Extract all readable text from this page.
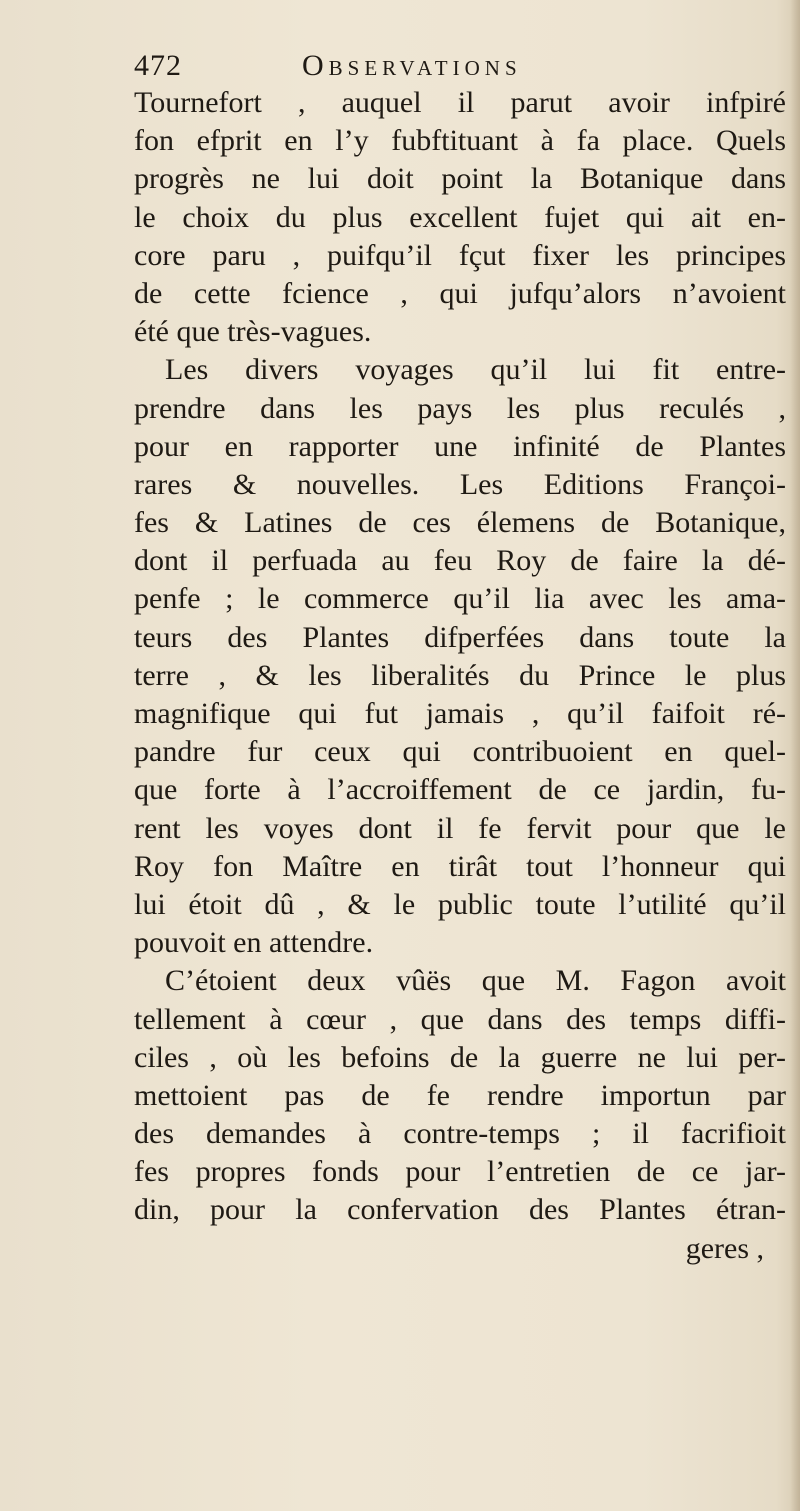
472	Observations
Tournefort , auquel il parut avoir infpiré
fon efprit en l’y fubftituant à fa place. Quels
progrès ne lui doit point la Botanique dans
le choix du plus excellent fujet qui ait en-
core paru , puifqu’il fçut fixer les principes
de cette fcience , qui jufqu’alors n’avoient
été que très-vagues.
Les divers voyages qu’il lui fit entre-
prendre dans les pays les plus reculés ,
pour en rapporter une infinité de Plantes
rares & nouvelles. Les Editions Françoi-
fes & Latines de ces élemens de Botanique,
dont il perfuada au feu Roy de faire la dé-
penfe ; le commerce qu’il lia avec les ama-
teurs des Plantes difperfées dans toute la
terre , & les liberalités du Prince le plus
magnifique qui fut jamais , qu’il faifoit ré-
pandre fur ceux qui contribuoient en quel-
que forte à l’accroiffement de ce jardin, fu-
rent les voyes dont il fe fervit pour que le
Roy fon Maître en tirât tout l’honneur qui
lui étoit dû , & le public toute l’utilité qu’il
pouvoit en attendre.
C’étoient deux vûës que M. Fagon avoit
tellement à cœur , que dans des temps diffi-
ciles , où les befoins de la guerre ne lui per-
mettoient pas de fe rendre importun par
des demandes à contre-temps ; il facrifioit
fes propres fonds pour l’entretien de ce jar-
din, pour la confervation des Plantes étran-
geres ,
